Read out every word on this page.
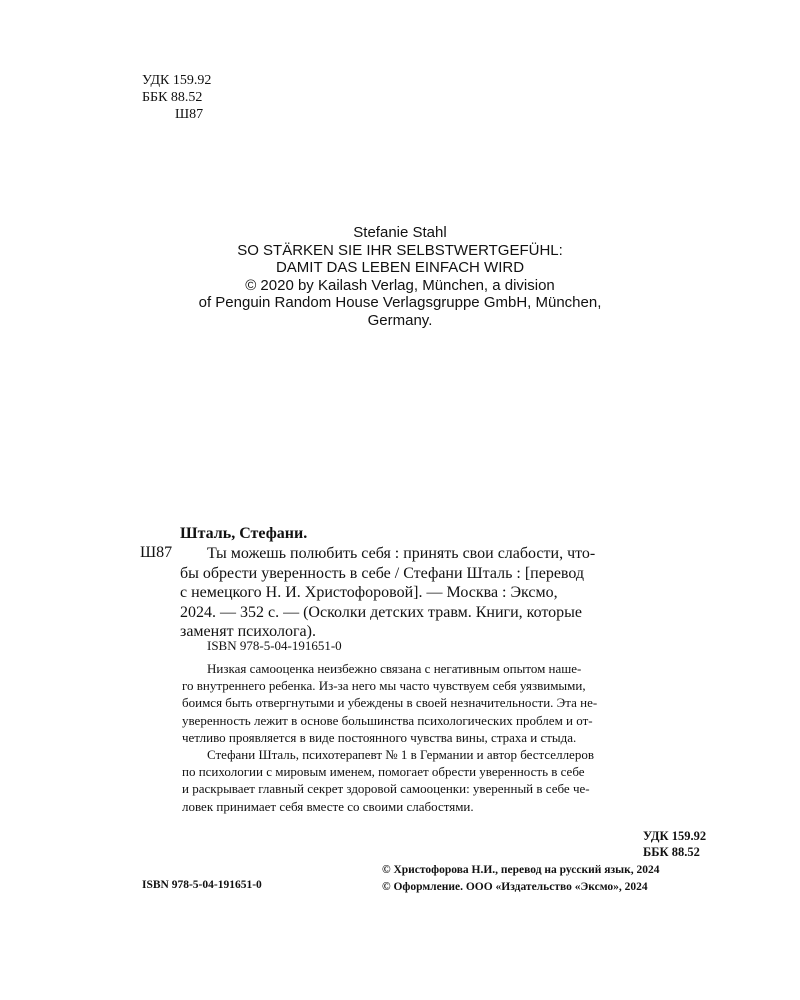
УДК 159.92
ББК 88.52
Ш87
Stefanie Stahl
SO STÄRKEN SIE IHR SELBSTWERTGEFÜHL:
DAMIT DAS LEBEN EINFACH WIRD
© 2020 by Kailash Verlag, München, a division
of Penguin Random House Verlagsgruppe GmbH, München,
Germany.
Шталь, Стефани.
Ш87	Ты можешь полюбить себя : принять свои слабости, что-
бы обрести уверенность в себе / Стефани Шталь : [перевод
с немецкого Н. И. Христофоровой]. — Москва : Эксмо,
2024. — 352 с. — (Осколки детских травм. Книги, которые
заменят психолога).
ISBN 978-5-04-191651-0
Низкая самооценка неизбежно связана с негативным опытом наше-
го внутреннего ребенка. Из-за него мы часто чувствуем себя уязвимыми,
боимся быть отвергнутыми и убеждены в своей незначительности. Эта не-
уверенность лежит в основе большинства психологических проблем и от-
четливо проявляется в виде постоянного чувства вины, страха и стыда.
Стефани Шталь, психотерапевт № 1 в Германии и автор бестселлеров
по психологии с мировым именем, помогает обрести уверенность в себе
и раскрывает главный секрет здоровой самооценки: уверенный в себе че-
ловек принимает себя вместе со своими слабостями.
УДК 159.92
ББК 88.52
© Христофорова Н.И., перевод на русский язык, 2024
© Оформление. ООО «Издательство «Эксмо», 2024
ISBN 978-5-04-191651-0
